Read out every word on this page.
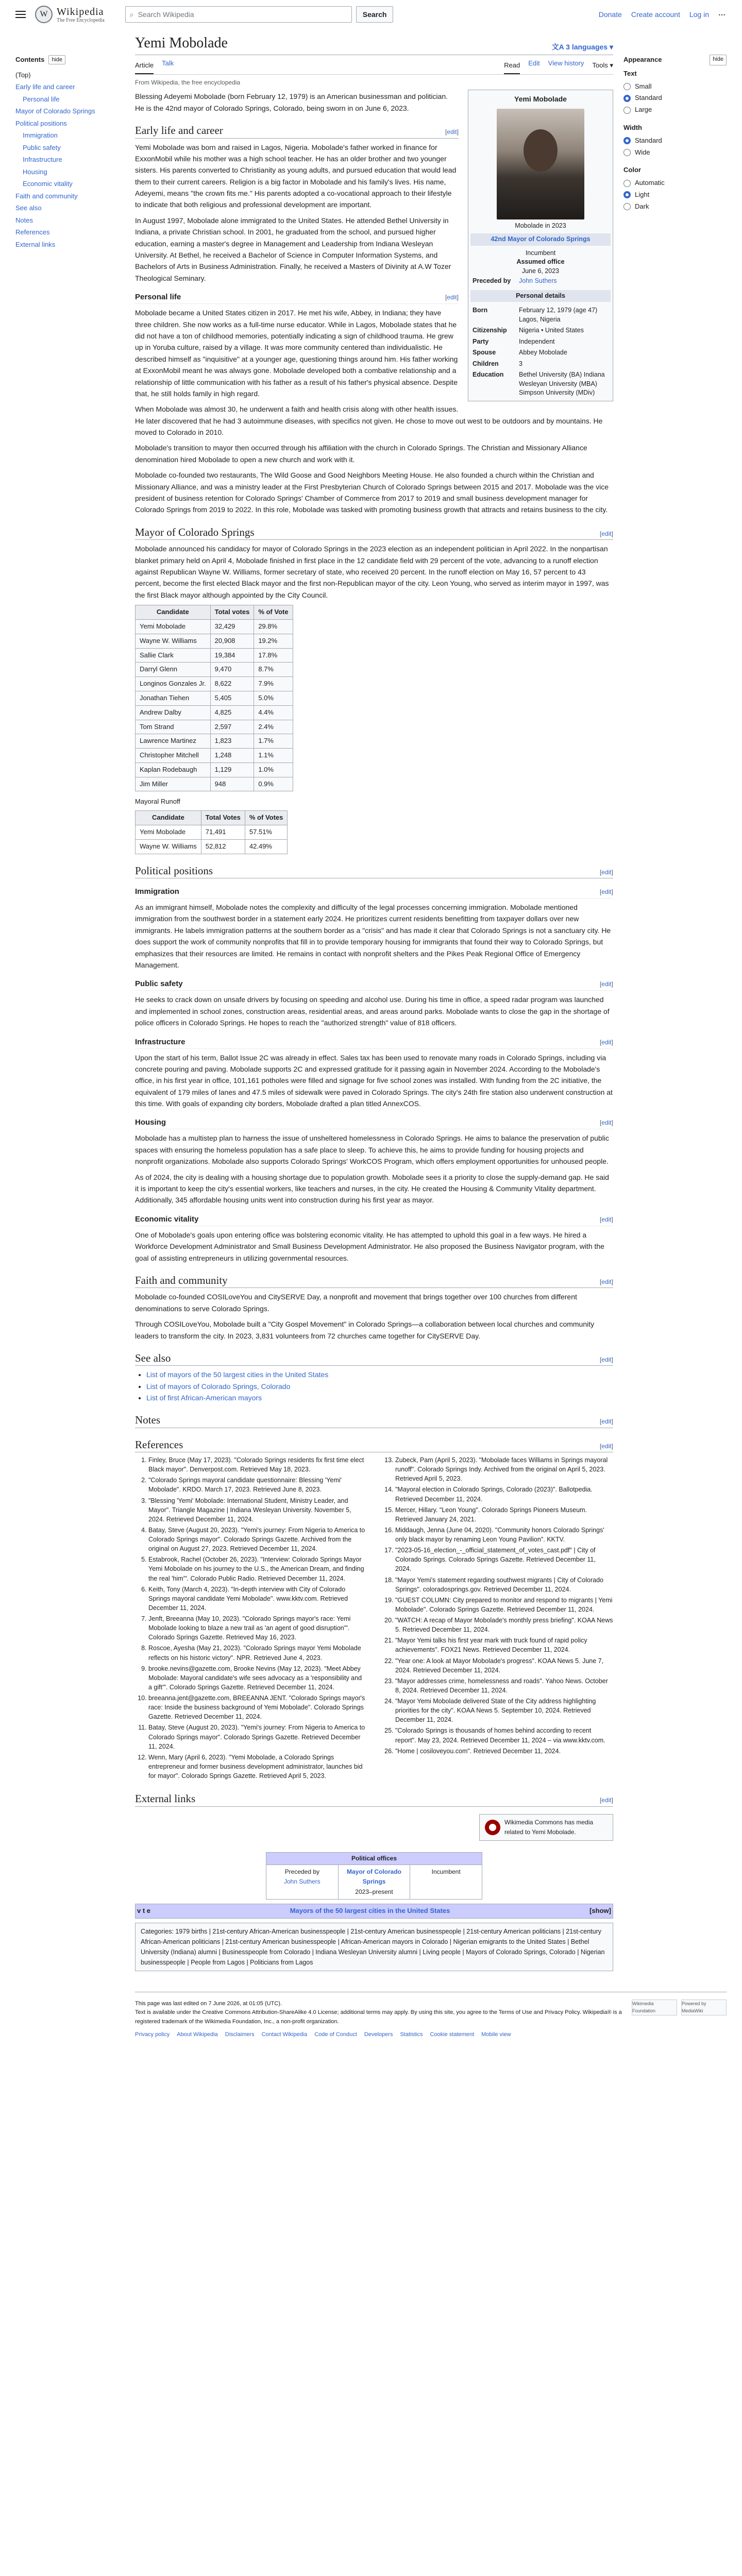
W Wikipedia
The Free Encyclopedia
⌕ Search Wikipedia	Search	Donate Create account Log in ⋯
Contents	hide
(Top)
Early life and career
Personal life
Mayor of Colorado Springs
Political positions
Immigration
Public safety
Infrastructure
Housing
Economic vitality
Faith and community
See also
Notes
References
External links
Yemi Mobolade	文A 3 languages ▾
Article Talk	Read Edit View history Tools ▾
From Wikipedia, the free encyclopedia
Yemi Mobolade
Mobolade in 2023
42nd Mayor of Colorado Springs
Incumbent
Assumed office
June 6, 2023
Preceded by	John Suthers
Personal details
Born	February 12, 1979 (age 47) Lagos, Nigeria
Citizenship	Nigeria • United States
Party	Independent
Spouse	Abbey Mobolade
Children	3
Education	Bethel University (BA) Indiana Wesleyan University (MBA) Simpson University (MDiv)

Blessing Adeyemi Mobolade (born February 12, 1979) is an American businessman and politician. He is the 42nd mayor of Colorado Springs, Colorado, being sworn in on June 6, 2023.

Early life and career	[edit]

Yemi Mobolade was born and raised in Lagos, Nigeria. Mobolade's father worked in finance for ExxonMobil while his mother was a high school teacher. He has an older brother and two younger sisters. His parents converted to Christianity as young adults, and pursued education that would lead them to their current careers. Religion is a big factor in Mobolade and his family's lives. His name, Adeyemi, means "the crown fits me." His parents adopted a co-vocational approach to their lifestyle to indicate that both religious and professional development are important.

In August 1997, Mobolade alone immigrated to the United States. He attended Bethel University in Indiana, a private Christian school. In 2001, he graduated from the school, and pursued higher education, earning a master's degree in Management and Leadership from Indiana Wesleyan University. At Bethel, he received a Bachelor of Science in Computer Information Systems, and Bachelors of Arts in Business Administration. Finally, he received a Masters of Divinity at A.W Tozer Theological Seminary.

Personal life	[edit]

Mobolade became a United States citizen in 2017. He met his wife, Abbey, in Indiana; they have three children. She now works as a full-time nurse educator. While in Lagos, Mobolade states that he did not have a ton of childhood memories, potentially indicating a sign of childhood trauma. He grew up in Yoruba culture, raised by a village. It was more community centered than individualistic. He described himself as "inquisitive" at a younger age, questioning things around him. His father working at ExxonMobil meant he was always gone. Mobolade developed both a combative relationship and a relationship of little communication with his father as a result of his father's physical absence. Despite that, he still holds family in high regard.

When Mobolade was almost 30, he underwent a faith and health crisis along with other health issues. He later discovered that he had 3 autoimmune diseases, with specifics not given. He chose to move out west to be outdoors and by mountains. He moved to Colorado in 2010.

Mobolade's transition to mayor then occurred through his affiliation with the church in Colorado Springs. The Christian and Missionary Alliance denomination hired Mobolade to open a new church and work with it.

Mobolade co-founded two restaurants, The Wild Goose and Good Neighbors Meeting House. He also founded a church within the Christian and Missionary Alliance, and was a ministry leader at the First Presbyterian Church of Colorado Springs between 2015 and 2017. Mobolade was the vice president of business retention for Colorado Springs' Chamber of Commerce from 2017 to 2019 and small business development manager for Colorado Springs from 2019 to 2022. In this role, Mobolade was tasked with promoting business growth that attracts and retains business to the city.

Mayor of Colorado Springs	[edit]

Mobolade announced his candidacy for mayor of Colorado Springs in the 2023 election as an independent politician in April 2022. In the nonpartisan blanket primary held on April 4, Mobolade finished in first place in the 12 candidate field with 29 percent of the vote, advancing to a runoff election against Republican Wayne W. Williams, former secretary of state, who received 20 percent. In the runoff election on May 16, 57 percent to 43 percent, become the first elected Black mayor and the first non-Republican mayor of the city. Leon Young, who served as interim mayor in 1997, was the first Black mayor although appointed by the City Council.

Candidate	Total votes	% of Vote
Yemi Mobolade	32,429	29.8%
Wayne W. Williams	20,908	19.2%
Sallie Clark	19,384	17.8%
Darryl Glenn	9,470	8.7%
Longinos Gonzales Jr.	8,622	7.9%
Jonathan Tiehen	5,405	5.0%
Andrew Dalby	4,825	4.4%
Tom Strand	2,597	2.4%
Lawrence Martinez	1,823	1.7%
Christopher Mitchell	1,248	1.1%
Kaplan Rodebaugh	1,129	1.0%
Jim Miller	948	0.9%
Mayoral Runoff
Candidate	Total Votes	% of Votes
Yemi Mobolade	71,491	57.51%
Wayne W. Williams	52,812	42.49%
Political positions	[edit]
Immigration	[edit]

As an immigrant himself, Mobolade notes the complexity and difficulty of the legal processes concerning immigration. Mobolade mentioned immigration from the southwest border in a statement early 2024. He prioritizes current residents benefitting from taxpayer dollars over new immigrants. He labels immigration patterns at the southern border as a "crisis" and has made it clear that Colorado Springs is not a sanctuary city. He does support the work of community nonprofits that fill in to provide temporary housing for immigrants that found their way to Colorado Springs, but emphasizes that their resources are limited. He remains in contact with nonprofit shelters and the Pikes Peak Regional Office of Emergency Management.

Public safety	[edit]

He seeks to crack down on unsafe drivers by focusing on speeding and alcohol use. During his time in office, a speed radar program was launched and implemented in school zones, construction areas, residential areas, and areas around parks. Mobolade wants to close the gap in the shortage of police officers in Colorado Springs. He hopes to reach the "authorized strength" value of 818 officers.

Infrastructure	[edit]

Upon the start of his term, Ballot Issue 2C was already in effect. Sales tax has been used to renovate many roads in Colorado Springs, including via concrete pouring and paving. Mobolade supports 2C and expressed gratitude for it passing again in November 2024. According to the Mobolade's office, in his first year in office, 101,161 potholes were filled and signage for five school zones was installed. With funding from the 2C initiative, the equivalent of 179 miles of lanes and 47.5 miles of sidewalk were paved in Colorado Springs. The city's 24th fire station also underwent construction at this time. With goals of expanding city borders, Mobolade drafted a plan titled AnnexCOS.

Housing	[edit]

Mobolade has a multistep plan to harness the issue of unsheltered homelessness in Colorado Springs. He aims to balance the preservation of public spaces with ensuring the homeless population has a safe place to sleep. To achieve this, he aims to provide funding for housing projects and nonprofit organizations. Mobolade also supports Colorado Springs' WorkCOS Program, which offers employment opportunities for unhoused people.

As of 2024, the city is dealing with a housing shortage due to population growth. Mobolade sees it a priority to close the supply-demand gap. He said it is important to keep the city's essential workers, like teachers and nurses, in the city. He created the Housing & Community Vitality department. Additionally, 345 affordable housing units went into construction during his first year as mayor.

Economic vitality	[edit]

One of Mobolade's goals upon entering office was bolstering economic vitality. He has attempted to uphold this goal in a few ways. He hired a Workforce Development Administrator and Small Business Development Administrator. He also proposed the Business Navigator program, with the goal of assisting entrepreneurs in utilizing governmental resources.

Faith and community	[edit]

Mobolade co-founded COSILoveYou and CitySERVE Day, a nonprofit and movement that brings together over 100 churches from different denominations to serve Colorado Springs.

Through COSILoveYou, Mobolade built a "City Gospel Movement" in Colorado Springs—a collaboration between local churches and community leaders to transform the city. In 2023, 3,831 volunteers from 72 churches came together for CitySERVE Day.

See also	[edit]
• List of mayors of the 50 largest cities in the United States
• List of mayors of Colorado Springs, Colorado
• List of first African-American mayors
Notes	[edit]
References	[edit]
1. Finley, Bruce (May 17, 2023). "Colorado Springs residents fix first time elect Black mayor". Denverpost.com. Retrieved May 18, 2023.
2. "Colorado Springs mayoral candidate questionnaire: Blessing 'Yemi' Mobolade". KRDO. March 17, 2023. Retrieved June 8, 2023.
3. "Blessing 'Yemi' Mobolade: International Student, Ministry Leader, and Mayor". Triangle Magazine | Indiana Wesleyan University. November 5, 2024. Retrieved December 11, 2024.
4. Batay, Steve (August 20, 2023). "Yemi's journey: From Nigeria to America to Colorado Springs mayor". Colorado Springs Gazette. Archived from the original on August 27, 2023. Retrieved December 11, 2024.
5. Estabrook, Rachel (October 26, 2023). "Interview: Colorado Springs Mayor Yemi Mobolade on his journey to the U.S., the American Dream, and finding the real 'him'". Colorado Public Radio. Retrieved December 11, 2024.
6. Keith, Tony (March 4, 2023). "In-depth interview with City of Colorado Springs mayoral candidate Yemi Mobolade". www.kktv.com. Retrieved December 11, 2024.
7. Jenft, Breeanna (May 10, 2023). "Colorado Springs mayor's race: Yemi Mobolade looking to blaze a new trail as 'an agent of good disruption'". Colorado Springs Gazette. Retrieved May 16, 2023.
8. Roscoe, Ayesha (May 21, 2023). "Colorado Springs mayor Yemi Mobolade reflects on his historic victory". NPR. Retrieved June 4, 2023.
9. brooke.nevins@gazette.com, Brooke Nevins (May 12, 2023). "Meet Abbey Mobolade: Mayoral candidate's wife sees advocacy as a 'responsibility and a gift'". Colorado Springs Gazette. Retrieved December 11, 2024.
10. breeanna.jent@gazette.com, BREEANNA JENT. "Colorado Springs mayor's race: Inside the business background of Yemi Mobolade". Colorado Springs Gazette. Retrieved December 11, 2024.
11. Batay, Steve (August 20, 2023). "Yemi's journey: From Nigeria to America to Colorado Springs mayor". Colorado Springs Gazette. Retrieved December 11, 2024.
12. Wenn, Mary (April 6, 2023). "Yemi Mobolade, a Colorado Springs entrepreneur and former business development administrator, launches bid for mayor". Colorado Springs Gazette. Retrieved April 5, 2023.
13. Zubeck, Pam (April 5, 2023). "Mobolade faces Williams in Springs mayoral runoff". Colorado Springs Indy. Archived from the original on April 5, 2023. Retrieved April 5, 2023.
14. "Mayoral election in Colorado Springs, Colorado (2023)". Ballotpedia. Retrieved December 11, 2024.
15. Mercer, Hillary. "Leon Young". Colorado Springs Pioneers Museum. Retrieved January 24, 2021.
16. Middaugh, Jenna (June 04, 2020). "Community honors Colorado Springs' only black mayor by renaming Leon Young Pavilion". KKTV.
17. "2023-05-16_election_-_official_statement_of_votes_cast.pdf" | City of Colorado Springs. Colorado Springs Gazette. Retrieved December 11, 2024.
18. "Mayor Yemi's statement regarding southwest migrants | City of Colorado Springs". coloradosprings.gov. Retrieved December 11, 2024.
19. "GUEST COLUMN: City prepared to monitor and respond to migrants | Yemi Mobolade". Colorado Springs Gazette. Retrieved December 11, 2024.
20. "WATCH: A recap of Mayor Mobolade's monthly press briefing". KOAA News 5. Retrieved December 11, 2024.
21. "Mayor Yemi talks his first year mark with truck found of rapid policy achievements". FOX21 News. Retrieved December 11, 2024.
22. "Year one: A look at Mayor Mobolade's progress". KOAA News 5. June 7, 2024. Retrieved December 11, 2024.
23. "Mayor addresses crime, homelessness and roads". Yahoo News. October 8, 2024. Retrieved December 11, 2024.
24. "Mayor Yemi Mobolade delivered State of the City address highlighting priorities for the city". KOAA News 5. September 10, 2024. Retrieved December 11, 2024.
25. "Colorado Springs is thousands of homes behind according to recent report". May 23, 2024. Retrieved December 11, 2024 – via www.kktv.com.
26. "Home | cosiloveyou.com". Retrieved December 11, 2024.
External links	[edit]
Wikimedia Commons has media related to Yemi Mobolade.
Political offices
Preceded by
John Suthers
Mayor of Colorado Springs
2023–present
Incumbent
v t e	Mayors of the 50 largest cities in the United States	[show]
Categories: 1979 births | 21st-century African-American businesspeople | 21st-century American businesspeople | 21st-century American politicians | 21st-century African-American politicians | 21st-century American businesspeople | African-American mayors in Colorado | Nigerian emigrants to the United States | Bethel University (Indiana) alumni | Businesspeople from Colorado | Indiana Wesleyan University alumni | Living people | Mayors of Colorado Springs, Colorado | Nigerian businesspeople | People from Lagos | Politicians from Lagos
Appearance	hide
Text
Small
Standard
Large
Width
Standard
Wide
Color
Automatic
Light
Dark
Wikimedia Foundation
Powered by MediaWiki
This page was last edited on 7 June 2026, at 01:05 (UTC).
Text is available under the Creative Commons Attribution-ShareAlike 4.0 License; additional terms may apply. By using this site, you agree to the Terms of Use and Privacy Policy. Wikipedia® is a registered trademark of the Wikimedia Foundation, Inc., a non-profit organization.
Privacy policy About Wikipedia Disclaimers Contact Wikipedia Code of Conduct Developers Statistics Cookie statement Mobile view
